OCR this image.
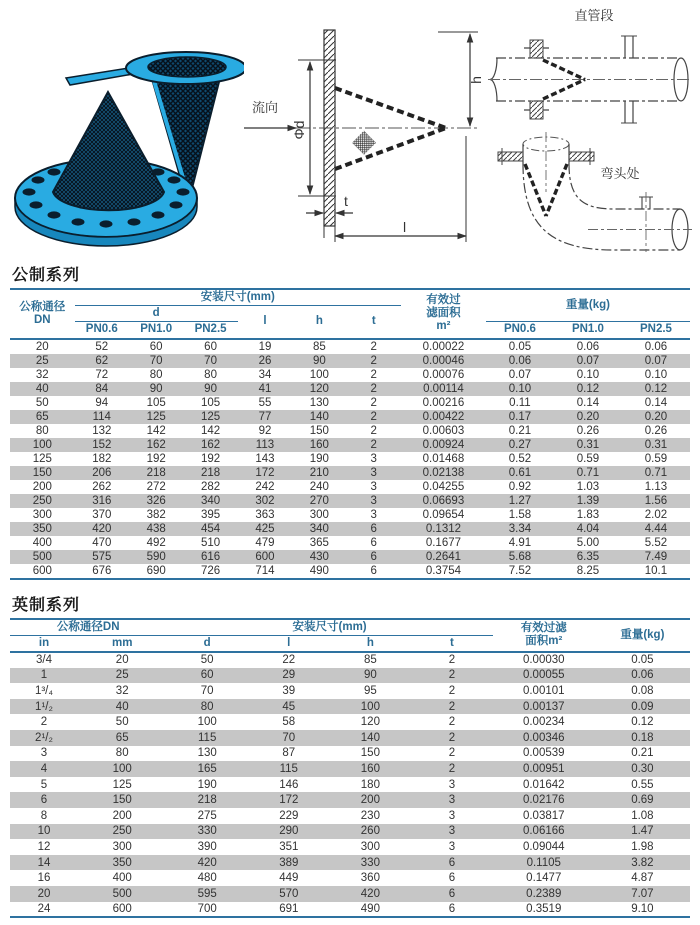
流向
Φd
h
t
l
直管段
弯头处
公制系列
公称通径
DN	安装尺寸(mm)						有效过
滤面积
m²	重量(kg)		
	d			l	h	t				
	PN0.6	PN1.0	PN2.5					PN0.6	PN1.0	PN2.5
20	52	60	60	19	85	2	0.00022	0.05	0.06	0.06
25	62	70	70	26	90	2	0.00046	0.06	0.07	0.07
32	72	80	80	34	100	2	0.00076	0.07	0.10	0.10
40	84	90	90	41	120	2	0.00114	0.10	0.12	0.12
50	94	105	105	55	130	2	0.00216	0.11	0.14	0.14
65	114	125	125	77	140	2	0.00422	0.17	0.20	0.20
80	132	142	142	92	150	2	0.00603	0.21	0.26	0.26
100	152	162	162	113	160	2	0.00924	0.27	0.31	0.31
125	182	192	192	143	190	3	0.01468	0.52	0.59	0.59
150	206	218	218	172	210	3	0.02138	0.61	0.71	0.71
200	262	272	282	242	240	3	0.04255	0.92	1.03	1.13
250	316	326	340	302	270	3	0.06693	1.27	1.39	1.56
300	370	382	395	363	300	3	0.09654	1.58	1.83	2.02
350	420	438	454	425	340	6	0.1312	3.34	4.04	4.44
400	470	492	510	479	365	6	0.1677	4.91	5.00	5.52
500	575	590	616	600	430	6	0.2641	5.68	6.35	7.49
600	676	690	726	714	490	6	0.3754	7.52	8.25	10.1
英制系列
公称通径DN		安装尺寸(mm)				有效过滤
面积m²	重量(kg)
in	mm	d	l	h	t		
3/4	20	50	22	85	2	0.00030	0.05
1	25	60	29	90	2	0.00055	0.06
1³/₄	32	70	39	95	2	0.00101	0.08
1¹/₂	40	80	45	100	2	0.00137	0.09
2	50	100	58	120	2	0.00234	0.12
2¹/₂	65	115	70	140	2	0.00346	0.18
3	80	130	87	150	2	0.00539	0.21
4	100	165	115	160	2	0.00951	0.30
5	125	190	146	180	3	0.01642	0.55
6	150	218	172	200	3	0.02176	0.69
8	200	275	229	230	3	0.03817	1.08
10	250	330	290	260	3	0.06166	1.47
12	300	390	351	300	3	0.09044	1.98
14	350	420	389	330	6	0.1105	3.82
16	400	480	449	360	6	0.1477	4.87
20	500	595	570	420	6	0.2389	7.07
24	600	700	691	490	6	0.3519	9.10
